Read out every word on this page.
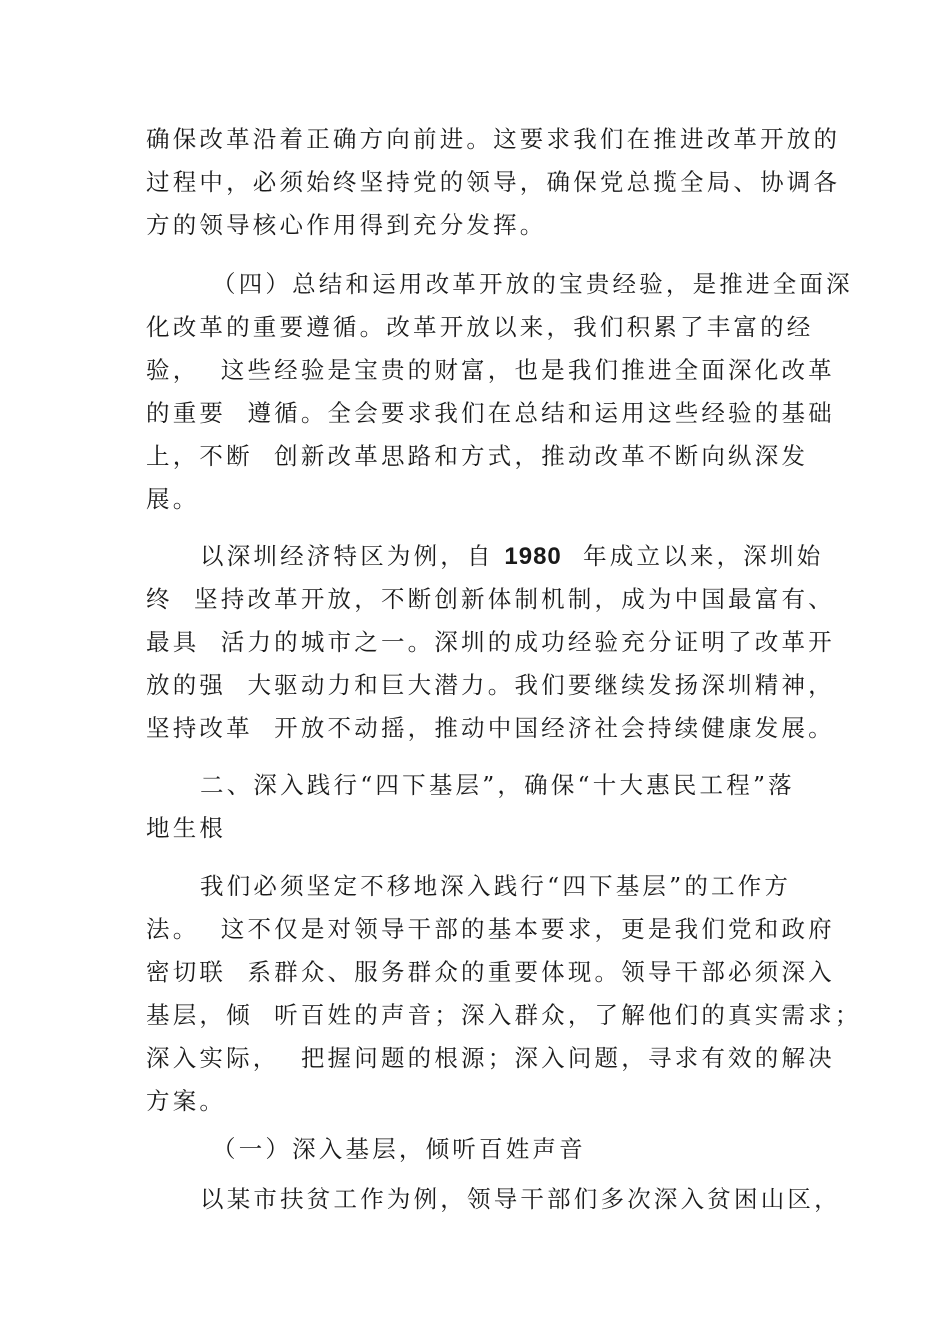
确保改革沿着正确方向前进。这要求我们在推进改革开放的
过程中，必须始终坚持党的领导，确保党总揽全局、协调各
方的领导核心作用得到充分发挥。
（四）总结和运用改革开放的宝贵经验，是推进全面深
化改革的重要遵循。改革开放以来，我们积累了丰富的经
验，  这些经验是宝贵的财富，也是我们推进全面深化改革
的重要  遵循。全会要求我们在总结和运用这些经验的基础
上，不断  创新改革思路和方式，推动改革不断向纵深发
展。
以深圳经济特区为例，自 1980  年成立以来，深圳始
终  坚持改革开放，不断创新体制机制，成为中国最富有、
最具  活力的城市之一。深圳的成功经验充分证明了改革开
放的强  大驱动力和巨大潜力。我们要继续发扬深圳精神，
坚持改革  开放不动摇，推动中国经济社会持续健康发展。
二、深入践行“四下基层”，确保“十大惠民工程”落
地生根
我们必须坚定不移地深入践行“四下基层”的工作方
法。  这不仅是对领导干部的基本要求，更是我们党和政府
密切联  系群众、服务群众的重要体现。领导干部必须深入
基层，倾  听百姓的声音；深入群众，了解他们的真实需求；
深入实际，  把握问题的根源；深入问题，寻求有效的解决
方案。
（一）深入基层，倾听百姓声音
以某市扶贫工作为例，领导干部们多次深入贫困山区，
